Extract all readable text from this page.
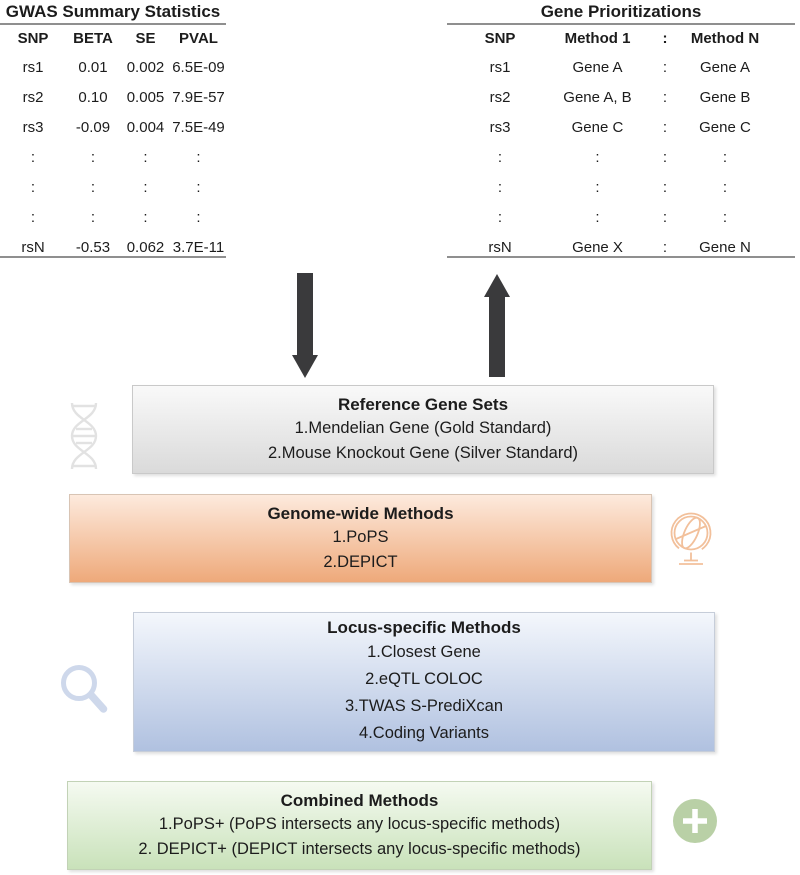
GWAS Summary Statistics
SNP	BETA	SE	PVAL
rs1	0.01	0.002	6.5E-09
rs2	0.10	0.005	7.9E-57
rs3	-0.09	0.004	7.5E-49
:	:	:	:
:	:	:	:
:	:	:	:
rsN	-0.53	0.062	3.7E-11
Gene Prioritizations
SNP	Method 1	:	Method N
rs1	Gene A	:	Gene A
rs2	Gene A, B	:	Gene B
rs3	Gene C	:	Gene C
:	:	:	:
:	:	:	:
:	:	:	:
rsN	Gene X	:	Gene N
Reference Gene Sets
1.Mendelian Gene (Gold Standard)
2.Mouse Knockout Gene (Silver Standard)
Genome-wide Methods
1.PoPS
2.DEPICT
Locus-specific Methods
1.Closest Gene
2.eQTL COLOC
3.TWAS S-PrediXcan
4.Coding Variants
Combined Methods
1.PoPS+ (PoPS intersects any locus-specific methods)
2. DEPICT+ (DEPICT intersects any locus-specific methods)
